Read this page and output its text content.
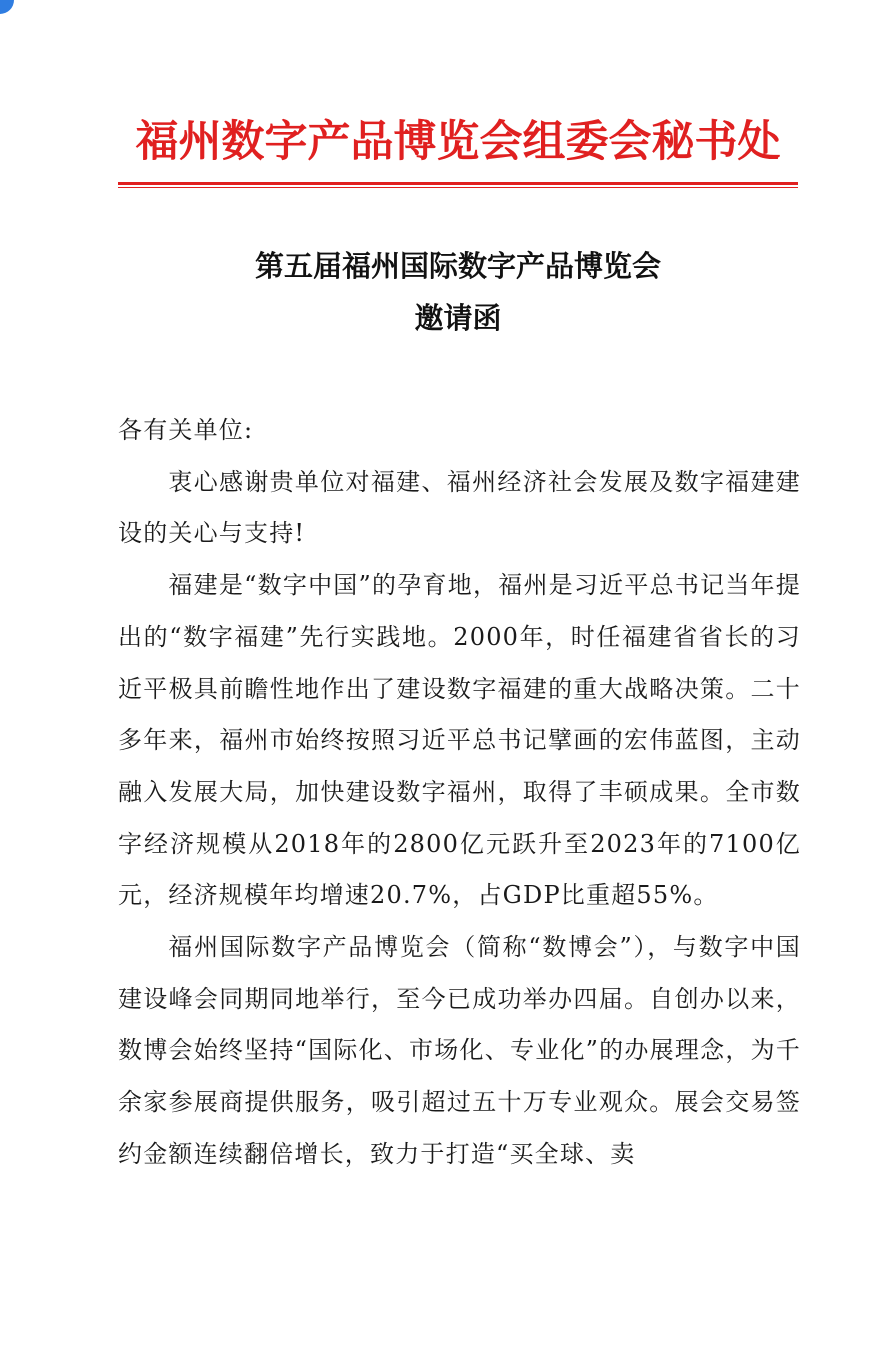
福州数字产品博览会组委会秘书处
第五届福州国际数字产品博览会
邀请函

各有关单位:

衷心感谢贵单位对福建、福州经济社会发展及数字福建建设的关心与支持!

福建是“数字中国”的孕育地，福州是习近平总书记当年提出的“数字福建”先行实践地。2000年，时任福建省省长的习近平极具前瞻性地作出了建设数字福建的重大战略决策。二十多年来，福州市始终按照习近平总书记擘画的宏伟蓝图，主动融入发展大局，加快建设数字福州，取得了丰硕成果。全市数字经济规模从2018年的2800亿元跃升至2023年的7100亿元，经济规模年均增速20.7%，占GDP比重超55%。

福州国际数字产品博览会（简称“数博会”），与数字中国建设峰会同期同地举行，至今已成功举办四届。自创办以来，数博会始终坚持“国际化、市场化、专业化”的办展理念，为千余家参展商提供服务，吸引超过五十万专业观众。展会交易签约金额连续翻倍增长，致力于打造“买全球、卖
